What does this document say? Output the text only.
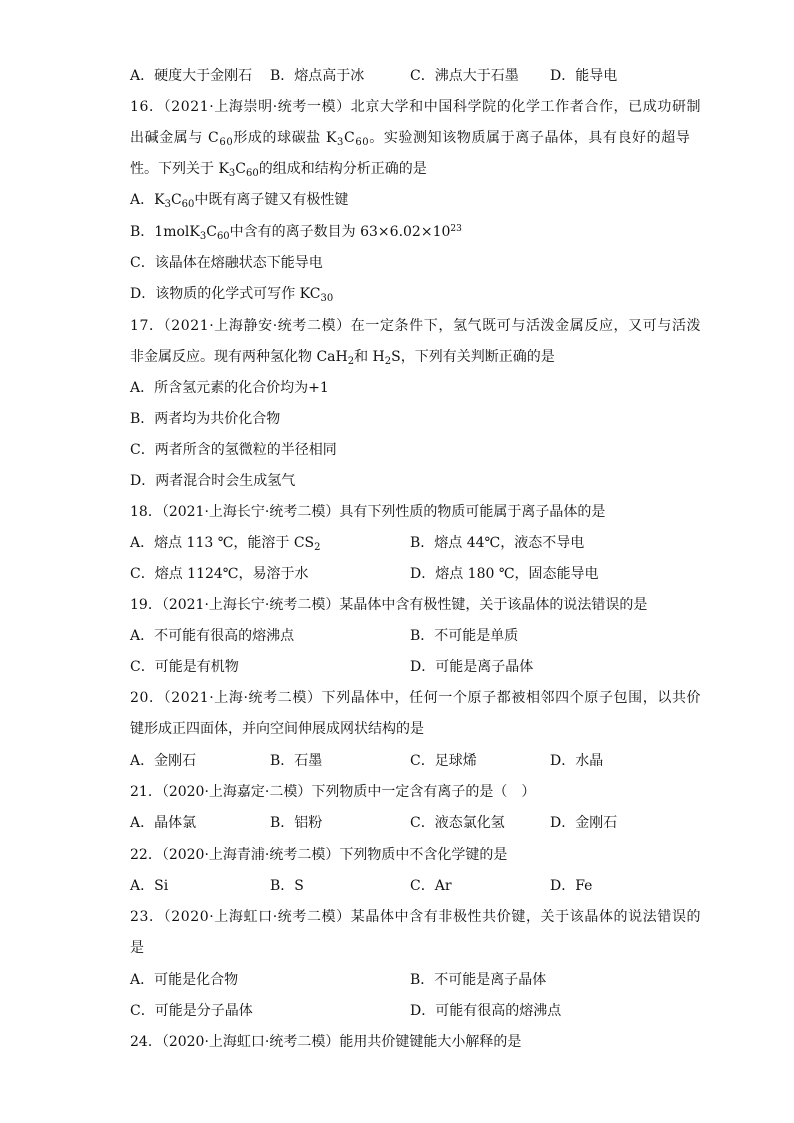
A．硬度大于金刚石 B．熔点高于冰	C．沸点大于石墨 D．能导电
16．（2021·上海崇明·统考一模）北京大学和中国科学院的化学工作者合作，已成功研制
出碱金属与 $C_{60}$形成的球碳盐 $K_3C_{60}$。实验测知该物质属于离子晶体，具有良好的超导
性。下列关于 $K_3C_{60}$的组成和结构分析正确的是
A．$K_3C_{60}$中既有离子键又有极性键
B．$1molK_3C_{60}$中含有的离子数目为 $63\times 6.02\times 10^{23}$
C．该晶体在熔融状态下能导电
D．该物质的化学式可写作 $KC_{30}$
17．（2021·上海静安·统考二模）在一定条件下，氢气既可与活泼金属反应，又可与活泼
非金属反应。现有两种氢化物 CaH$_2$和 $H_2S$，下列有关判断正确的是
A．所含氢元素的化合价均为+1
B．两者均为共价化合物
C．两者所含的氢微粒的半径相同
D．两者混合时会生成氢气
18．（2021·上海长宁·统考二模）具有下列性质的物质可能属于离子晶体的是
A．熔点 113 ℃，能溶于 $CS_2$	B．熔点 44℃，液态不导电
C．熔点 1124℃，易溶于水	D．熔点 180 ℃，固态能导电
19．（2021·上海长宁·统考二模）某晶体中含有极性键，关于该晶体的说法错误的是
A．不可能有很高的熔沸点	B．不可能是单质
C．可能是有机物	D．可能是离子晶体
20．（2021·上海·统考二模）下列晶体中，任何一个原子都被相邻四个原子包围，以共价
键形成正四面体，并向空间伸展成网状结构的是
A．金刚石	B．石墨	C．足球烯	D．水晶
21．（2020·上海嘉定·二模）下列物质中一定含有离子的是（　）
A．晶体氯	B．铝粉	C．液态氯化氢	D．金刚石
22．（2020·上海青浦·统考二模）下列物质中不含化学键的是
A．Si	B．S	C．Ar	D．Fe
23．（2020·上海虹口·统考二模）某晶体中含有非极性共价键，关于该晶体的说法错误的
是
A．可能是化合物	B．不可能是离子晶体
C．可能是分子晶体	D．可能有很高的熔沸点
24．（2020·上海虹口·统考二模）能用共价键键能大小解释的是
